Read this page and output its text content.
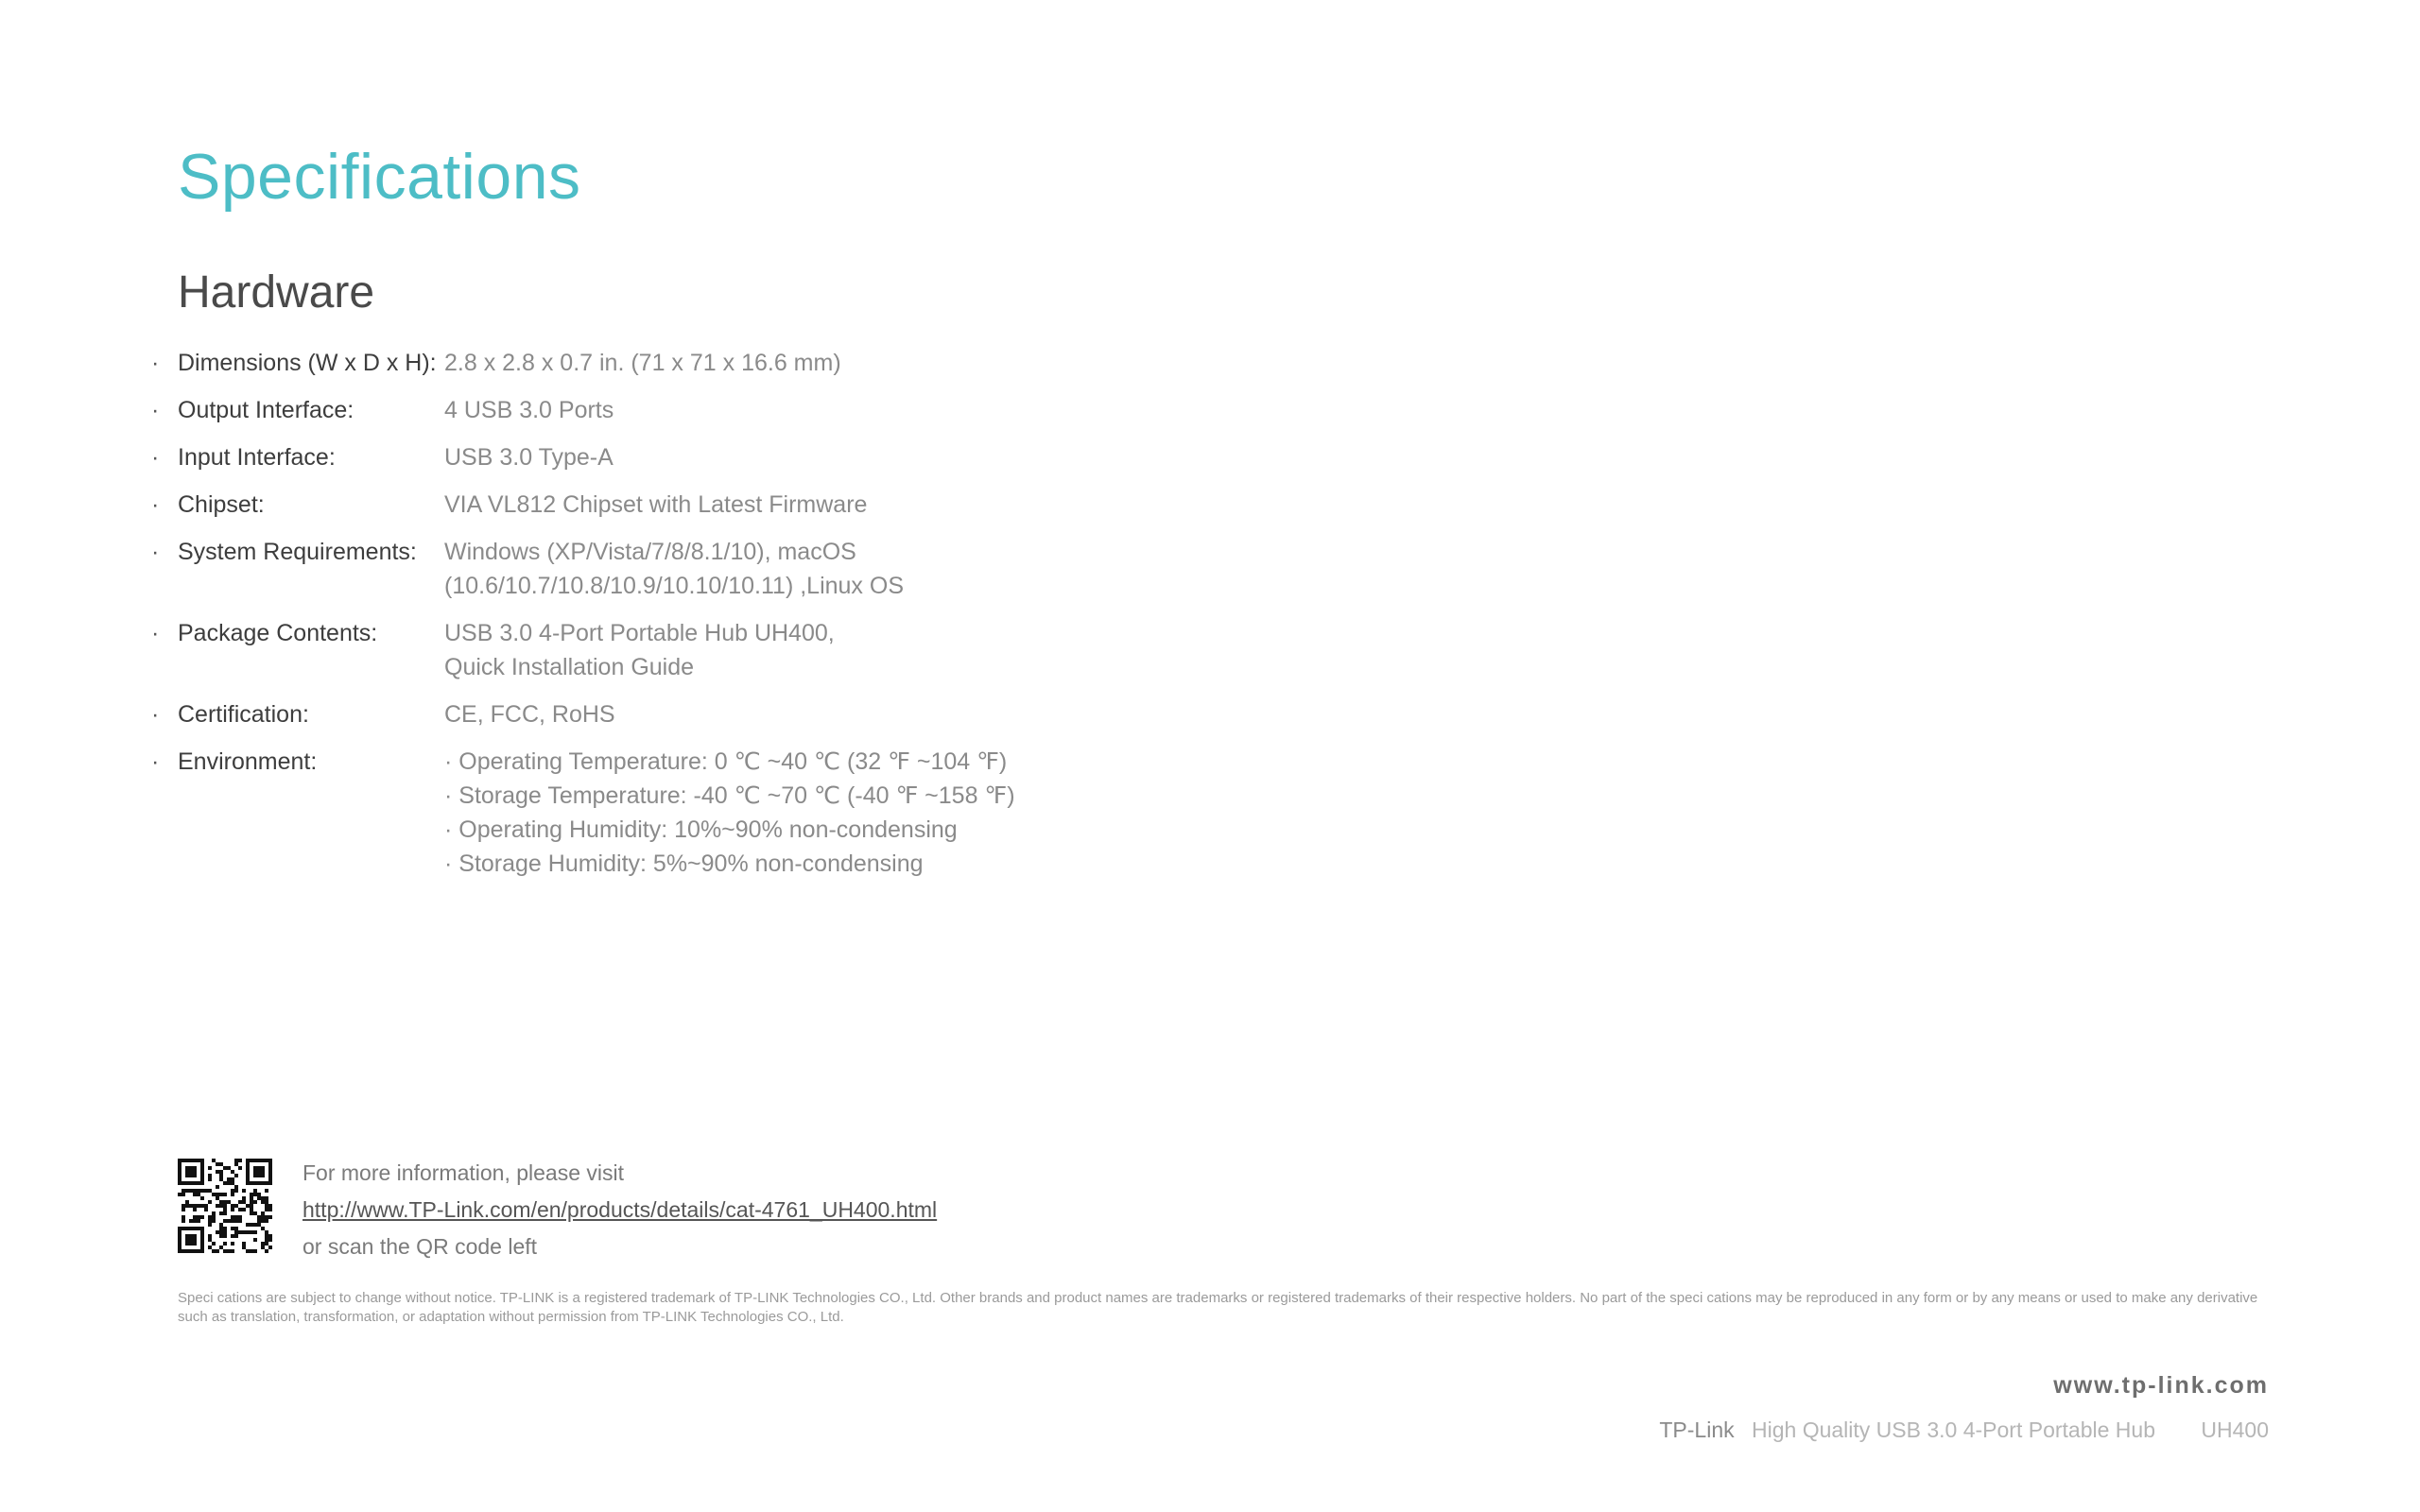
Specifications
Hardware
· Dimensions (W x D x H): 2.8 x 2.8 x 0.7 in. (71 x 71 x 16.6 mm)
· Output Interface:	4 USB 3.0 Ports
· Input Interface:	USB 3.0 Type-A
· Chipset:	VIA VL812 Chipset with Latest Firmware
· System Requirements:	Windows (XP/Vista/7/8/8.1/10), macOS
(10.6/10.7/10.8/10.9/10.10/10.11) ,Linux OS
· Package Contents:	USB 3.0 4-Port Portable Hub UH400,
Quick Installation Guide
· Certification:	CE, FCC, RoHS
· Environment:	· Operating Temperature: 0 ℃ ~40 ℃ (32 ℉ ~104 ℉)
· Storage Temperature: -40 ℃ ~70 ℃ (-40 ℉ ~158 ℉)
· Operating Humidity: 10%~90% non-condensing
· Storage Humidity: 5%~90% non-condensing
For more information, please visit
http://www.TP-Link.com/en/products/details/cat-4761_UH400.html
or scan the QR code left
Speci cations are subject to change without notice. TP-LINK is a registered trademark of TP-LINK Technologies CO., Ltd. Other brands and product names are trademarks or registered trademarks of their respective holders. No part of the speci cations may be reproduced in any form or by any means or used to make any derivative such as translation, transformation, or adaptation without permission from TP-LINK Technologies CO., Ltd.
www.tp-link.com
TP-Link High Quality USB 3.0 4-Port Portable Hub UH400
